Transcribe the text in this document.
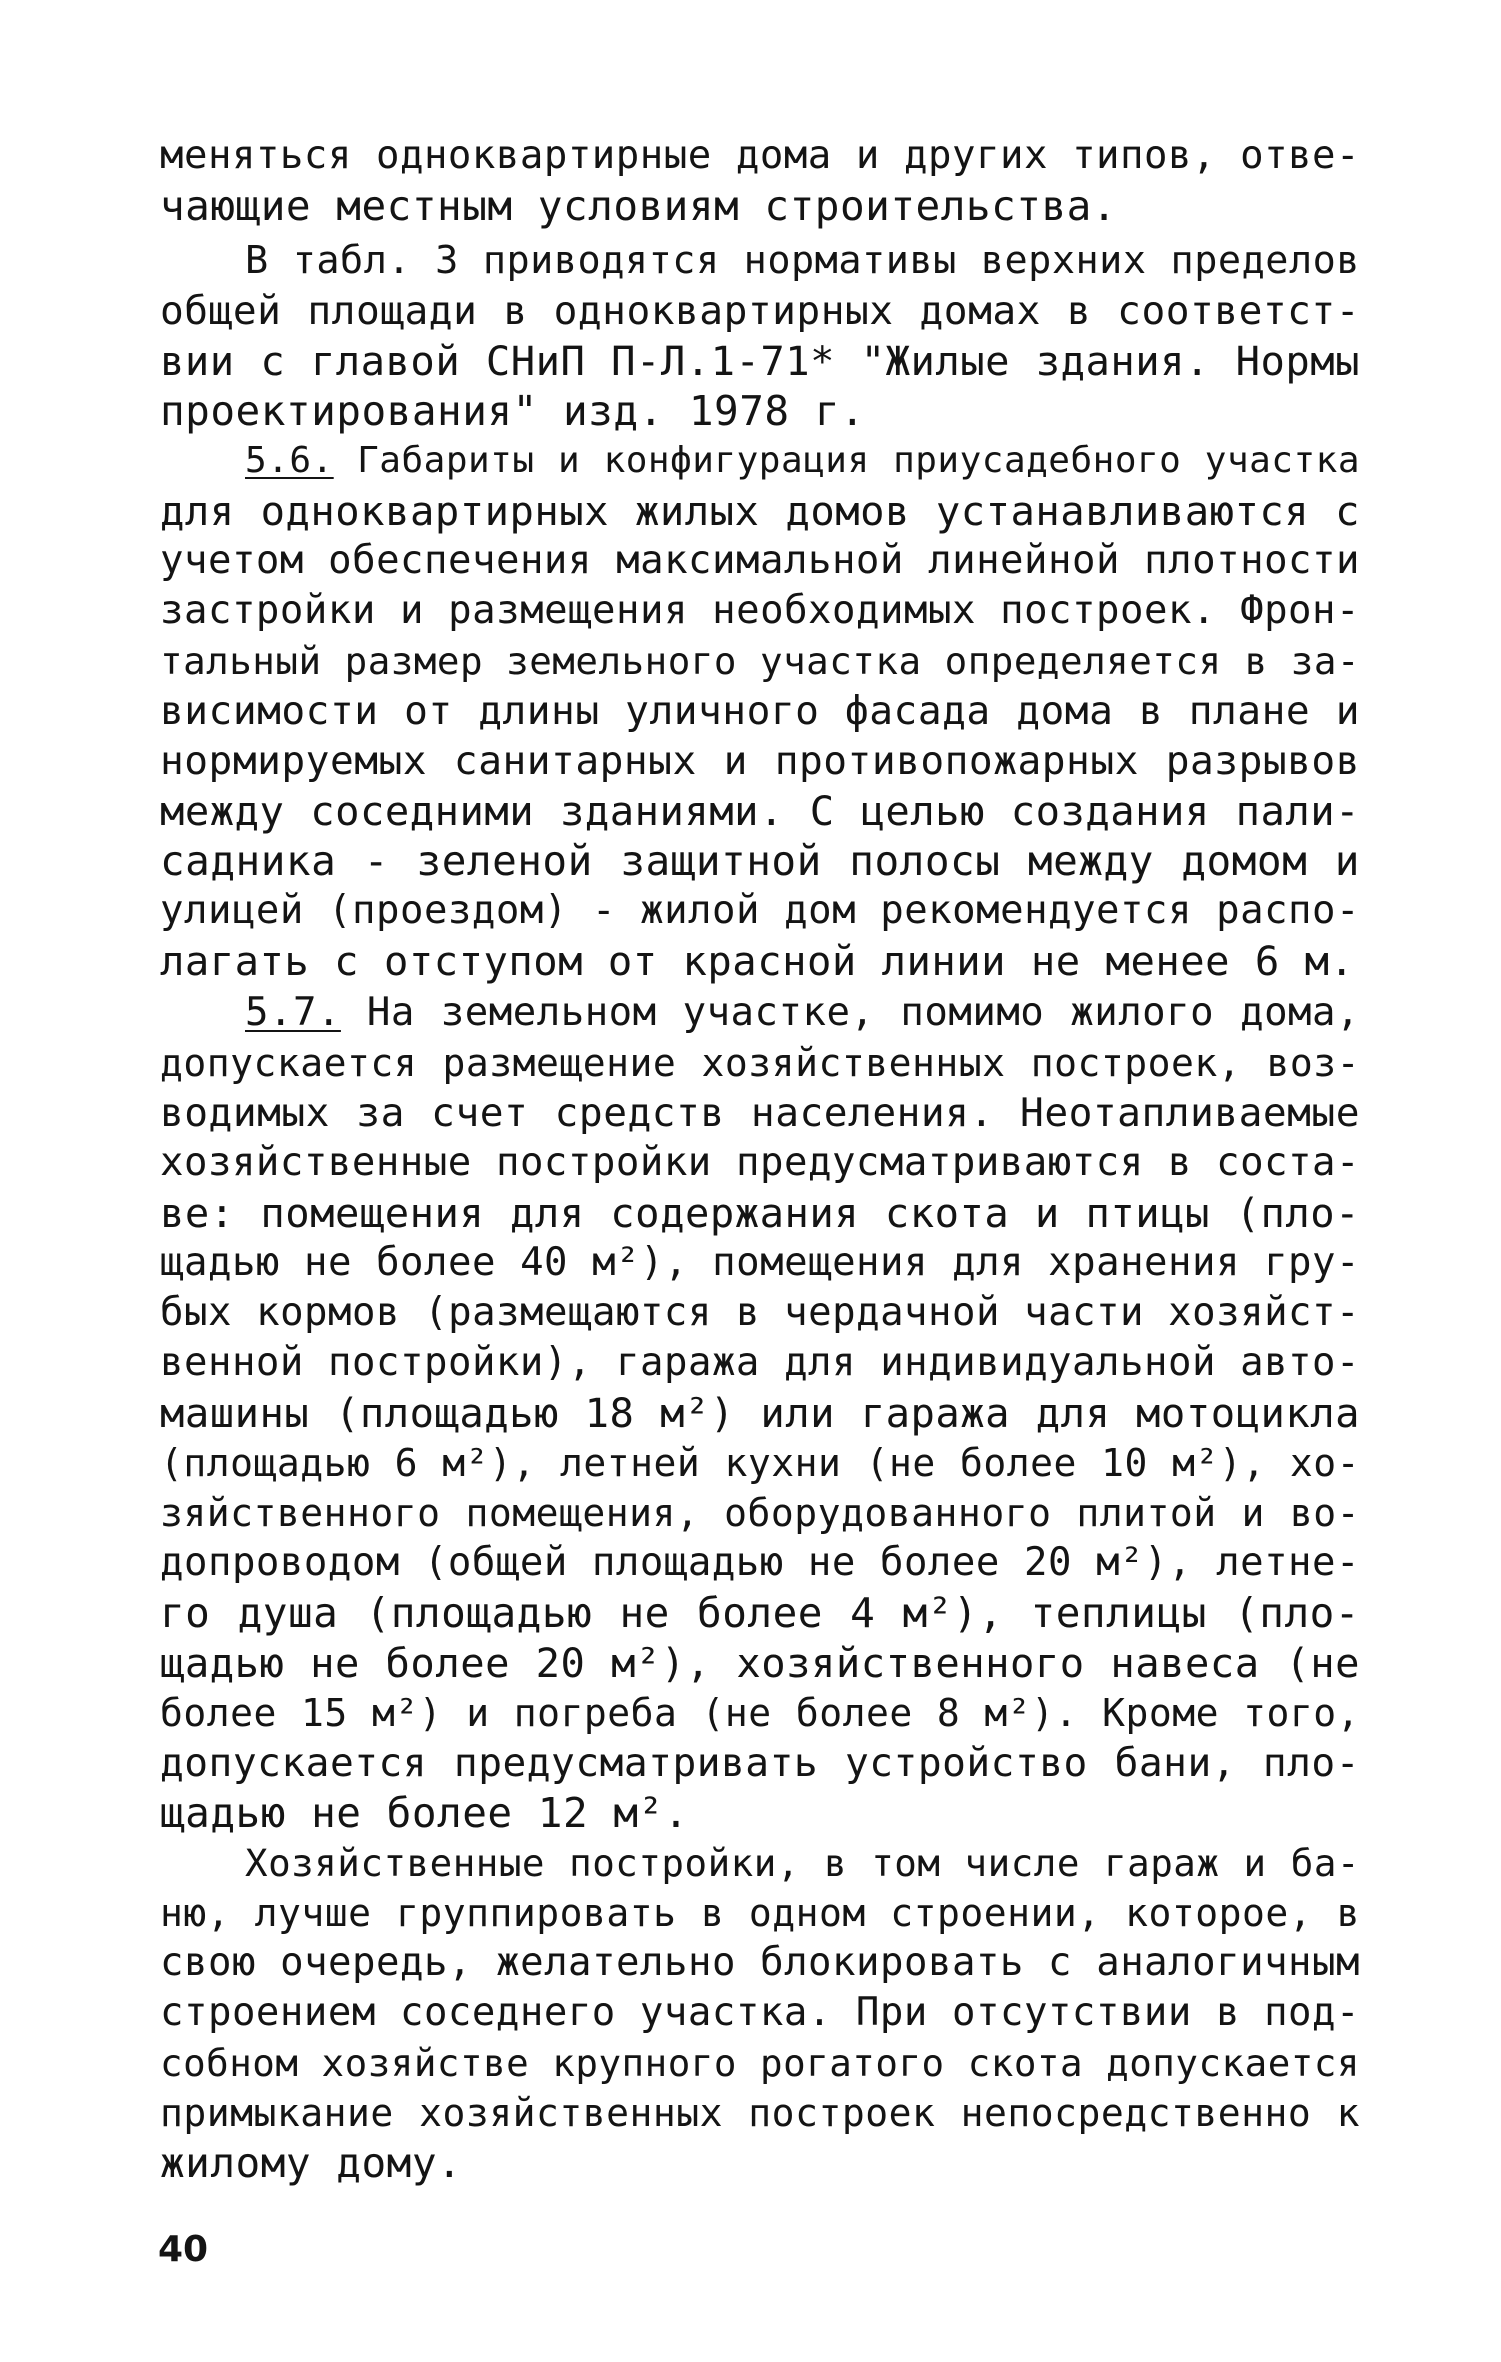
меняться одноквартирные дома и других типов, отве-
чающие местным условиям строительства.
В табл. 3 приводятся нормативы верхних пределов
общей площади в одноквартирных домах в соответст-
вии с главой СНиП П-Л.1-71* "Жилые здания. Нормы
проектирования" изд. 1978 г.
5.6. Габариты и конфигурация приусадебного участка
для одноквартирных жилых домов устанавливаются с
учетом обеспечения максимальной линейной плотности
застройки и размещения необходимых построек. Фрон-
тальный размер земельного участка определяется в за-
висимости от длины уличного фасада дома в плане и
нормируемых санитарных и противопожарных разрывов
между соседними зданиями. С целью создания пали-
садника - зеленой защитной полосы между домом и
улицей (проездом) - жилой дом рекомендуется распо-
лагать с отступом от красной линии не менее 6 м.
5.7. На земельном участке, помимо жилого дома,
допускается размещение хозяйственных построек, воз-
водимых за счет средств населения. Неотапливаемые
хозяйственные постройки предусматриваются в соста-
ве: помещения для содержания скота и птицы (пло-
щадью не более 40 м²), помещения для хранения гру-
бых кормов (размещаются в чердачной части хозяйст-
венной постройки), гаража для индивидуальной авто-
машины (площадью 18 м²) или гаража для мотоцикла
(площадью 6 м²), летней кухни (не более 10 м²), хо-
зяйственного помещения, оборудованного плитой и во-
допроводом (общей площадью не более 20 м²), летне-
го душа (площадью не более 4 м²), теплицы (пло-
щадью не более 20 м²), хозяйственного навеса (не
более 15 м²) и погреба (не более 8 м²). Кроме того,
допускается предусматривать устройство бани, пло-
щадью не более 12 м².
Хозяйственные постройки, в том числе гараж и ба-
ню, лучше группировать в одном строении, которое, в
свою очередь, желательно блокировать с аналогичным
строением соседнего участка. При отсутствии в под-
собном хозяйстве крупного рогатого скота допускается
примыкание хозяйственных построек непосредственно к
жилому дому.
40
